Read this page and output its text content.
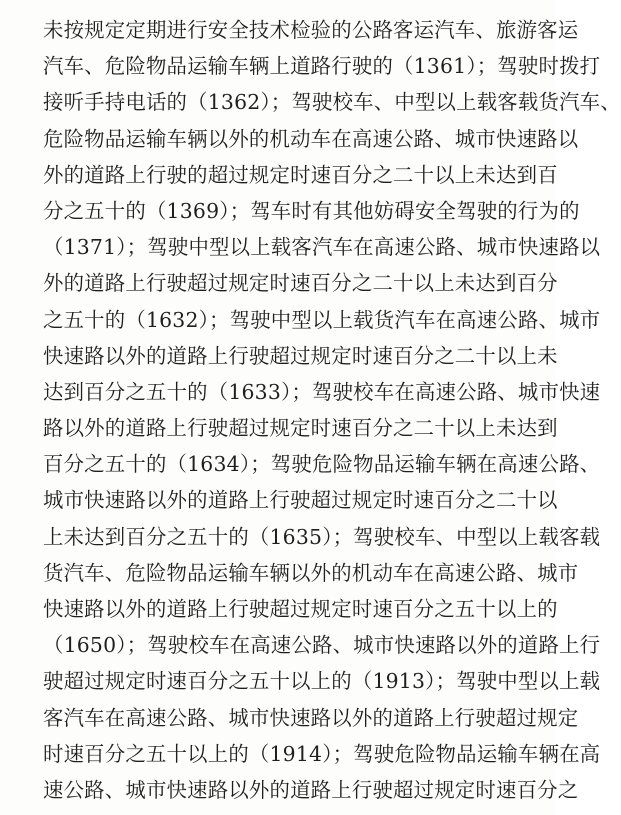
未按规定定期进行安全技术检验的公路客运汽车、旅游客运
汽车、危险物品运输车辆上道路行驶的（1361）；驾驶时拨打
接听手持电话的（1362）；驾驶校车、中型以上载客载货汽车、
危险物品运输车辆以外的机动车在高速公路、城市快速路以
外的道路上行驶的超过规定时速百分之二十以上未达到百
分之五十的（1369）；驾车时有其他妨碍安全驾驶的行为的
（1371）；驾驶中型以上载客汽车在高速公路、城市快速路以
外的道路上行驶超过规定时速百分之二十以上未达到百分
之五十的（1632）；驾驶中型以上载货汽车在高速公路、城市
快速路以外的道路上行驶超过规定时速百分之二十以上未
达到百分之五十的（1633）；驾驶校车在高速公路、城市快速
路以外的道路上行驶超过规定时速百分之二十以上未达到
百分之五十的（1634）；驾驶危险物品运输车辆在高速公路、
城市快速路以外的道路上行驶超过规定时速百分之二十以
上未达到百分之五十的（1635）；驾驶校车、中型以上载客载
货汽车、危险物品运输车辆以外的机动车在高速公路、城市
快速路以外的道路上行驶超过规定时速百分之五十以上的
（1650）；驾驶校车在高速公路、城市快速路以外的道路上行
驶超过规定时速百分之五十以上的（1913）；驾驶中型以上载
客汽车在高速公路、城市快速路以外的道路上行驶超过规定
时速百分之五十以上的（1914）；驾驶危险物品运输车辆在高
速公路、城市快速路以外的道路上行驶超过规定时速百分之
